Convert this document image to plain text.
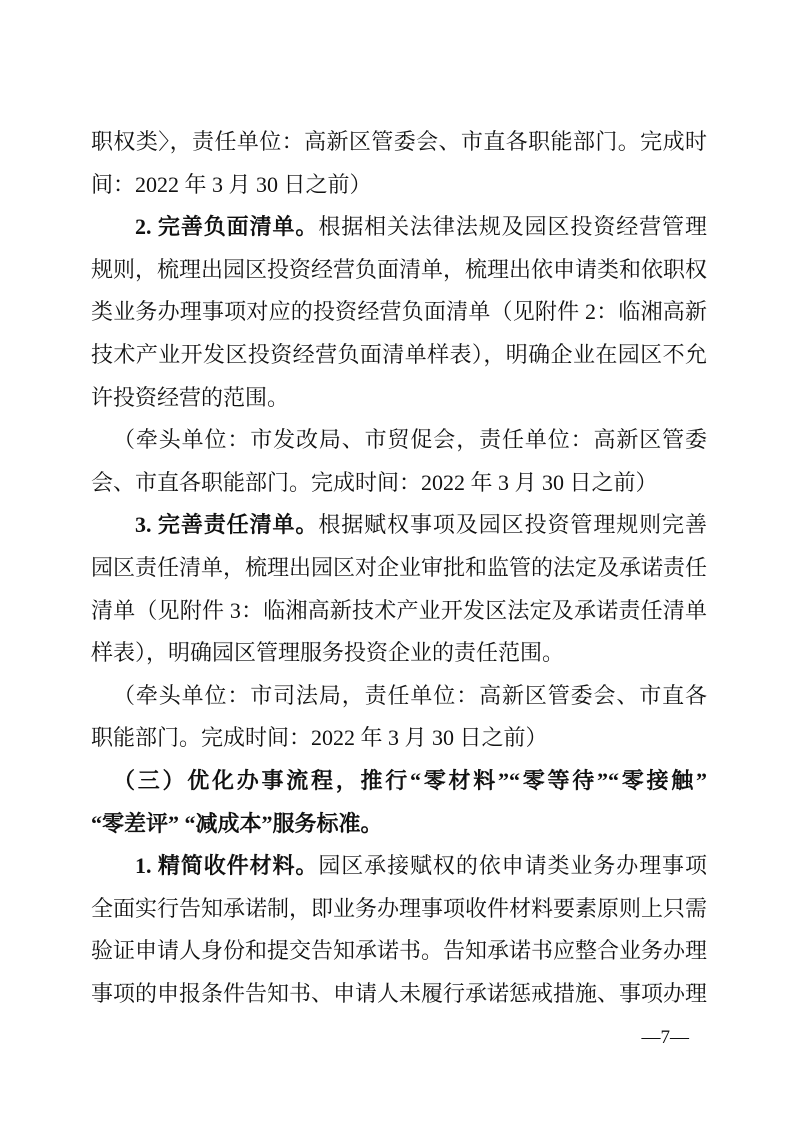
职权类〉，责任单位：高新区管委会、市直各职能部门。完成时
间：2022 年 3 月 30 日之前）
2. 完善负面清单。根据相关法律法规及园区投资经营管理
规则，梳理出园区投资经营负面清单，梳理出依申请类和依职权
类业务办理事项对应的投资经营负面清单（见附件 2：临湘高新
技术产业开发区投资经营负面清单样表），明确企业在园区不允
许投资经营的范围。
（牵头单位：市发改局、市贸促会，责任单位：高新区管委
会、市直各职能部门。完成时间：2022 年 3 月 30 日之前）
3. 完善责任清单。根据赋权事项及园区投资管理规则完善
园区责任清单，梳理出园区对企业审批和监管的法定及承诺责任
清单（见附件 3：临湘高新技术产业开发区法定及承诺责任清单
样表），明确园区管理服务投资企业的责任范围。
（牵头单位：市司法局，责任单位：高新区管委会、市直各
职能部门。完成时间：2022 年 3 月 30 日之前）
（三）优化办事流程，推行“零材料”“零等待”“零接触”
“零差评” “减成本”服务标准。
1. 精简收件材料。园区承接赋权的依申请类业务办理事项
全面实行告知承诺制，即业务办理事项收件材料要素原则上只需
验证申请人身份和提交告知承诺书。告知承诺书应整合业务办理
事项的申报条件告知书、申请人未履行承诺惩戒措施、事项办理
—7—
